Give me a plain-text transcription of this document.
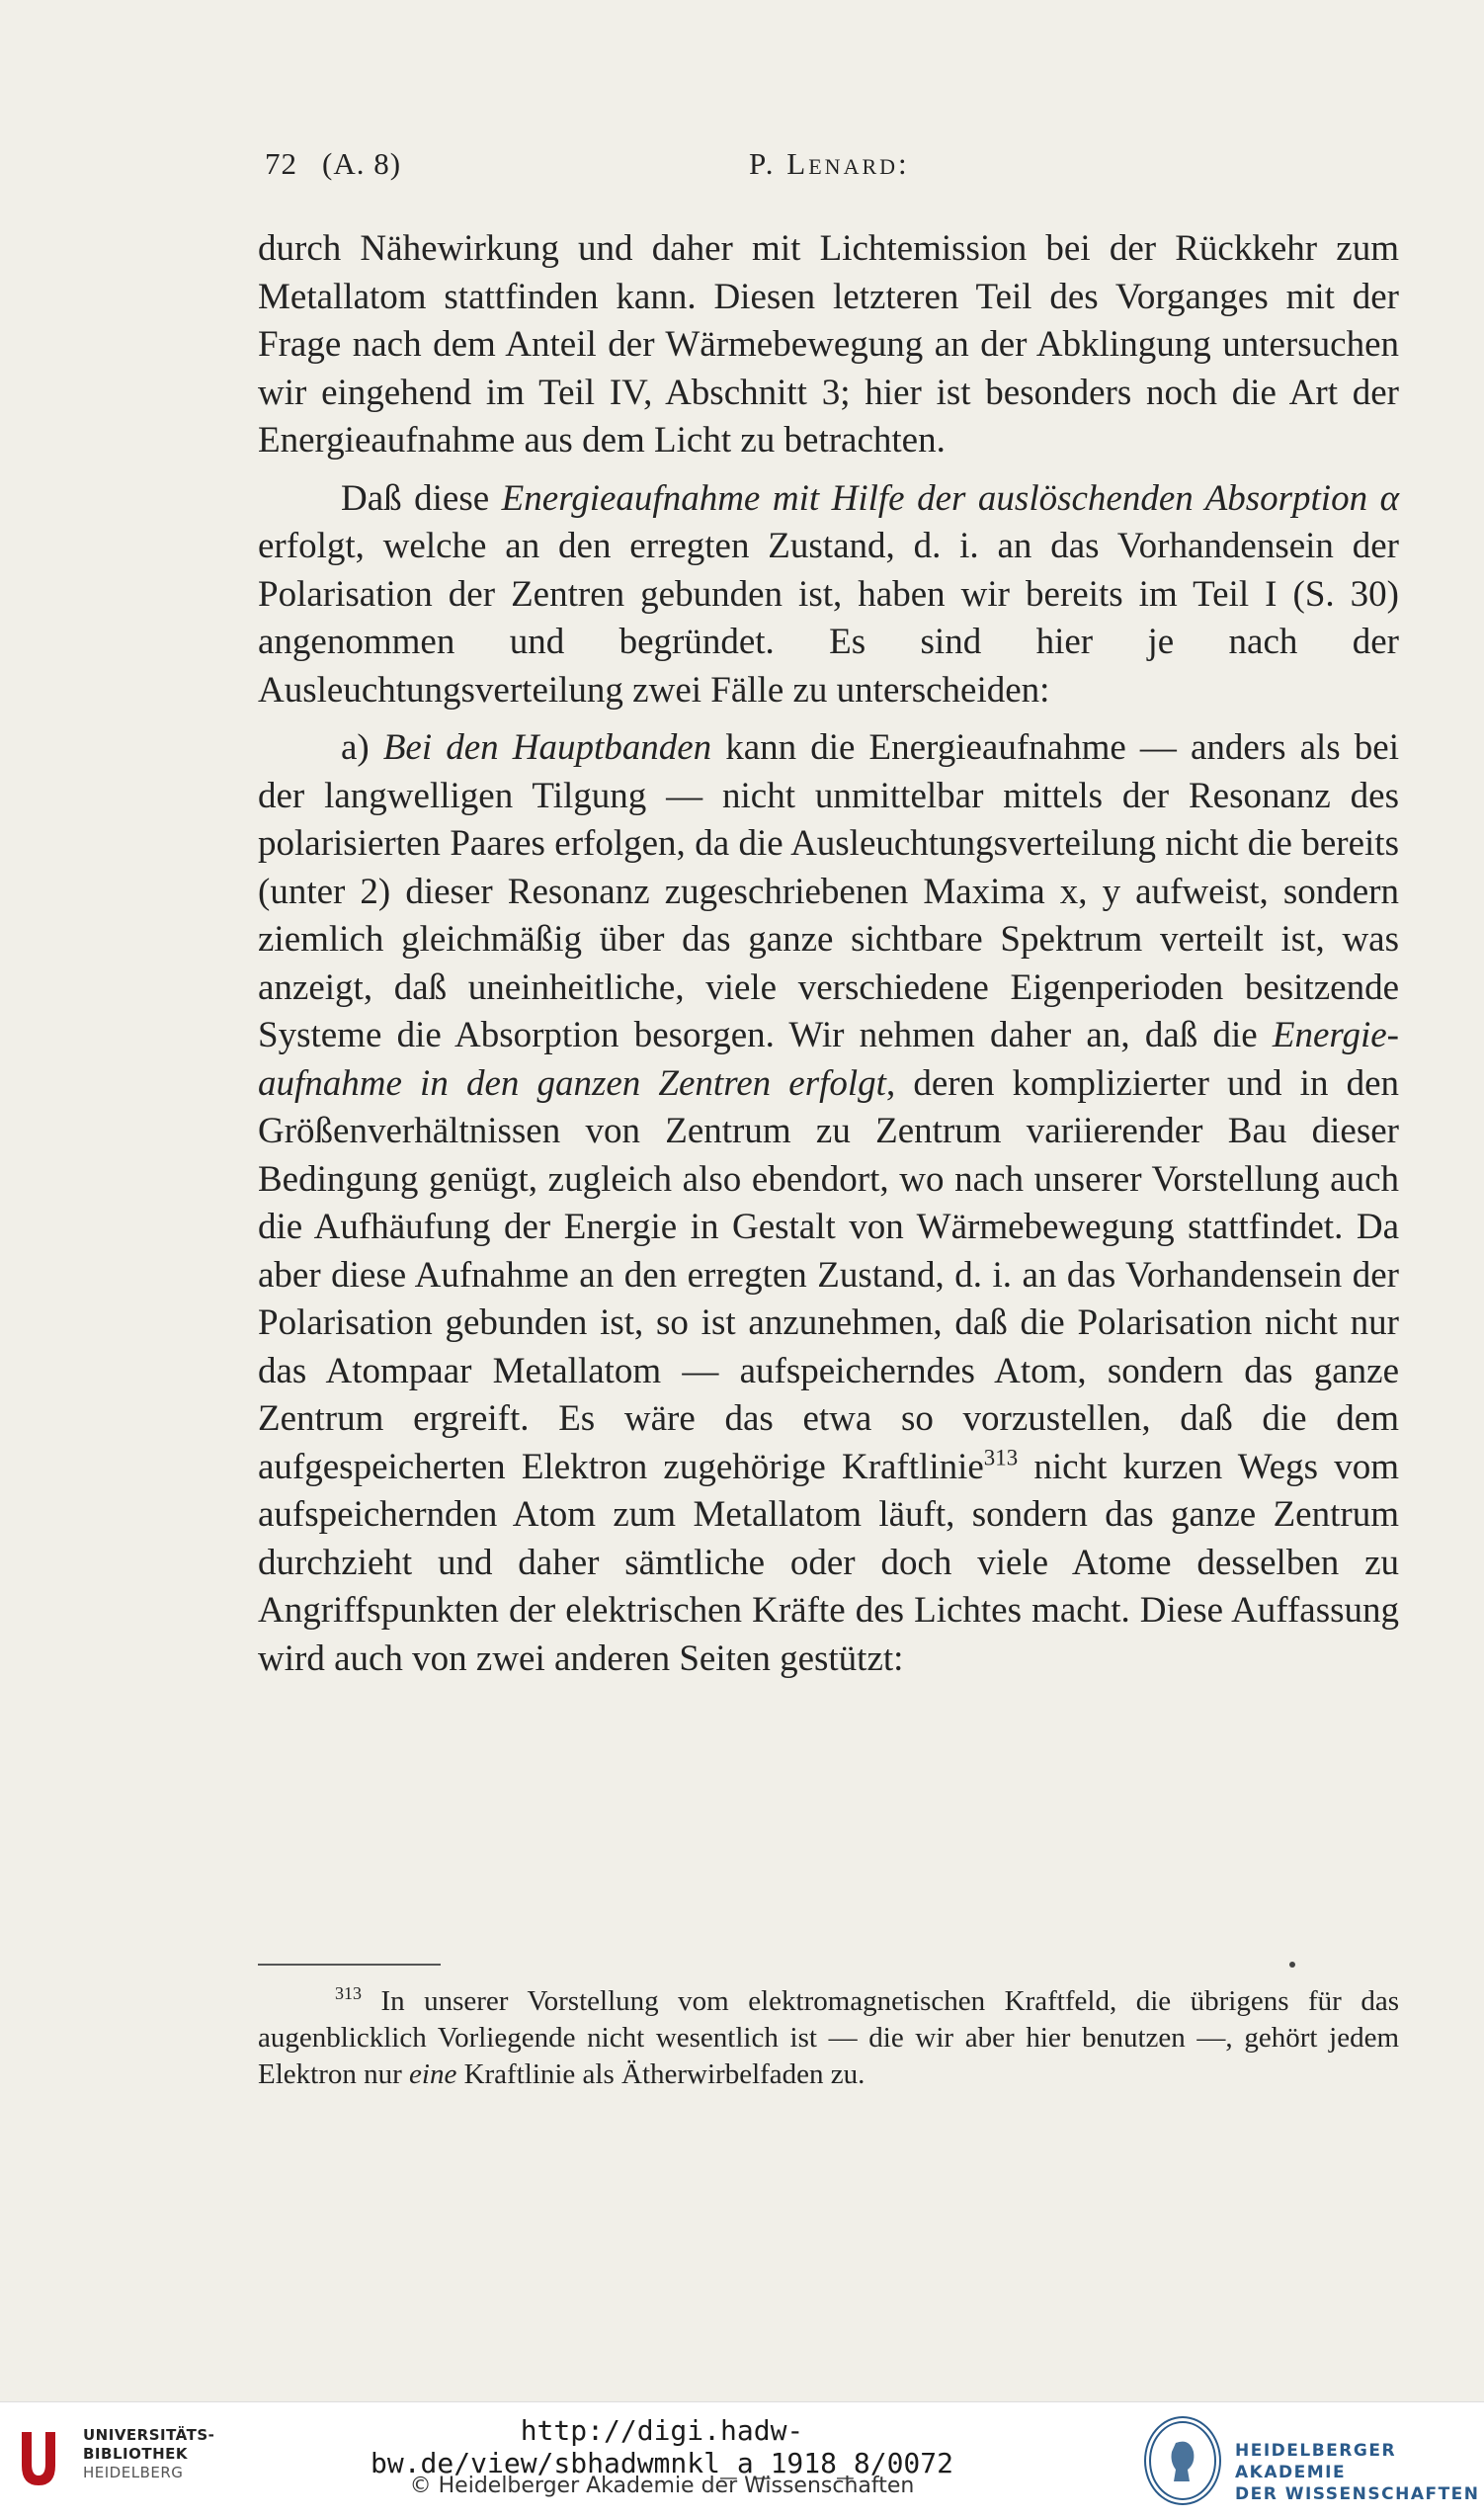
72 (A. 8)	P. Lenard:

durch Nähewirkung und daher mit Lichtemission bei der Rückkehr zum Metallatom stattfinden kann. Diesen letzteren Teil des Vorganges mit der Frage nach dem Anteil der Wärmebewegung an der Abklingung untersuchen wir eingehend im Teil IV, Abschnitt 3; hier ist besonders noch die Art der Energieaufnahme aus dem Licht zu betrachten.

Daß diese Energieaufnahme mit Hilfe der auslöschenden Absorption α erfolgt, welche an den erregten Zustand, d. i. an das Vorhandensein der Polarisation der Zentren gebunden ist, haben wir bereits im Teil I (S. 30) angenommen und begründet. Es sind hier je nach der Ausleuchtungsverteilung zwei Fälle zu unterscheiden:

a) Bei den Hauptbanden kann die Energieaufnahme — anders als bei der langwelligen Tilgung — nicht unmittelbar mittels der Resonanz des polarisierten Paares erfolgen, da die Ausleuchtungsverteilung nicht die bereits (unter 2) dieser Resonanz zugeschriebenen Maxima x, y aufweist, sondern ziemlich gleichmäßig über das ganze sichtbare Spektrum verteilt ist, was anzeigt, daß uneinheitliche, viele verschiedene Eigenperioden besitzende Systeme die Absorption besorgen. Wir nehmen daher an, daß die Energieaufnahme in den ganzen Zentren erfolgt, deren komplizierter und in den Größenverhältnissen von Zentrum zu Zentrum variierender Bau dieser Bedingung genügt, zugleich also ebendort, wo nach unserer Vorstellung auch die Aufhäufung der Energie in Gestalt von Wärmebewegung stattfindet. Da aber diese Aufnahme an den erregten Zustand, d. i. an das Vorhandensein der Polarisation gebunden ist, so ist anzunehmen, daß die Polarisation nicht nur das Atompaar Metallatom — aufspeicherndes Atom, sondern das ganze Zentrum ergreift. Es wäre das etwa so vorzustellen, daß die dem aufgespeicherten Elektron zugehörige Kraftlinie$^{313}$ nicht kurzen Wegs vom aufspeichernden Atom zum Metallatom läuft, sondern das ganze Zentrum durchzieht und daher sämtliche oder doch viele Atome desselben zu Angriffspunkten der elektrischen Kräfte des Lichtes macht. Diese Auffassung wird auch von zwei anderen Seiten gestützt:

$^{313}$ In unserer Vorstellung vom elektromagnetischen Kraftfeld, die übrigens für das augenblicklich Vorliegende nicht wesentlich ist — die wir aber hier benutzen —, gehört jedem Elektron nur eine Kraftlinie als Ätherwirbelfaden zu.

UNIVERSITÄTS-
BIBLIOTHEK
HEIDELBERG
http://digi.hadw-bw.de/view/sbhadwmnkl_a_1918_8/0072
© Heidelberger Akademie der Wissenschaften
HEIDELBERGER AKADEMIE
DER WISSENSCHAFTEN
